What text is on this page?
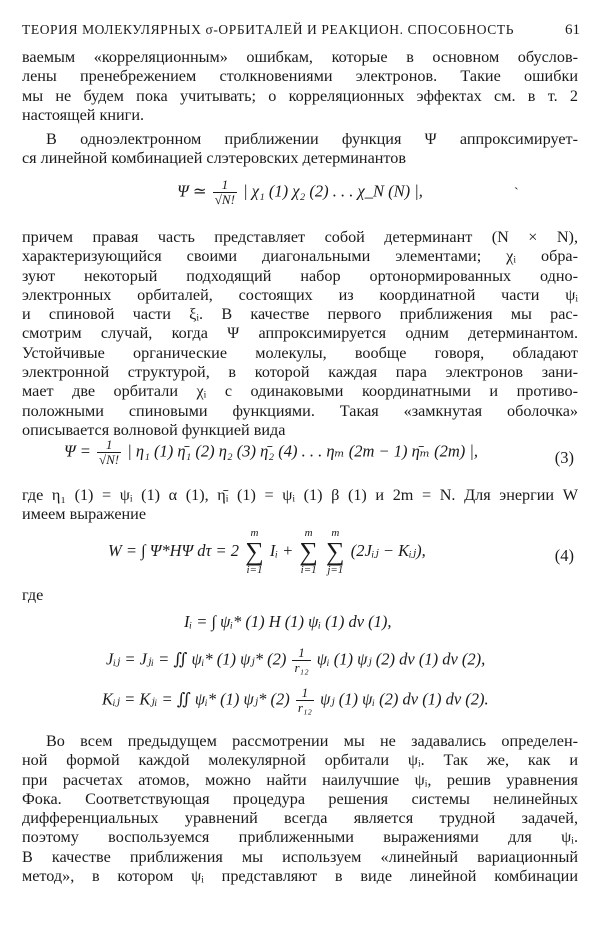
ТЕОРИЯ МОЛЕКУЛЯРНЫХ σ-ОРБИТАЛЕЙ И РЕАКЦИОН. СПОСОБНОСТЬ	61
ваемым «корреляционным» ошибкам, которые в основном обуслов-
лены пренебрежением столкновениями электронов. Такие ошибки
мы не будем пока учитывать; о корреляционных эффектах см. в т. 2
настоящей книги.
В одноэлектронном приближении функция Ψ аппроксимирует-
ся линейной комбинацией слэтеровских детерминантов
Ψ ≃ $\frac{1}{√N!}$ | χ₁ (1) χ₂ (2) . . . χ_N (N) |,	`
причем правая часть представляет собой детерминант (N × N),
характеризующийся своими диагональными элементами; χᵢ обра-
зуют некоторый подходящий набор ортонормированных одно-
электронных орбиталей, состоящих из координатной части ψᵢ
и спиновой части ξᵢ. В качестве первого приближения мы рас-
смотрим случай, когда Ψ аппроксимируется одним детерминантом.
Устойчивые органические молекулы, вообще говоря, обладают
электронной структурой, в которой каждая пара электронов зани-
мает две орбитали χᵢ с одинаковыми координатными и противо-
положными спиновыми функциями. Такая «замкнутая оболочка»
описывается волновой функцией вида
$\Psi = \frac{1}{√N!}$ | η₁ (1) η̄₁ (2) η₂ (3) η̄₂ (4) . . . ηₘ (2m − 1) η̄ₘ (2m) |,	(3)
где η₁ (1) = ψᵢ (1) α (1), η̄ᵢ (1) = ψᵢ (1) β (1) и 2m = N. Для энергии W
имеем выражение
W = ∫ Ψ*HΨ dτ = 2 m
∑
i=1 Iᵢ + m
∑
i=1 m
∑
j=1 (2Jᵢⱼ − Kᵢⱼ),	(4)
где
Iᵢ = ∫ ψᵢ* (1) H (1) ψᵢ (1) dv (1),
Jᵢⱼ = Jⱼᵢ = ∬ ψᵢ* (1) ψⱼ* $(2) \frac{1}{\text{r₁₂}}$ ψᵢ (1) ψⱼ (2) dv (1) dv (2),
Kᵢⱼ = Kⱼᵢ = ∬ ψᵢ* (1) ψⱼ* $(2) \frac{1}{\text{r₁₂}}$ ψⱼ (1) ψᵢ (2) dv (1) dv (2).
Во всем предыдущем рассмотрении мы не задавались определен-
ной формой каждой молекулярной орбитали ψᵢ. Так же, как и
при расчетах атомов, можно найти наилучшие ψᵢ, решив уравнения
Фока. Соответствующая процедура решения системы нелинейных
дифференциальных уравнений всегда является трудной задачей,
поэтому воспользуемся приближенными выражениями для ψᵢ.
В качестве приближения мы используем «линейный вариационный
метод», в котором ψᵢ представляют в виде линейной комбинации
